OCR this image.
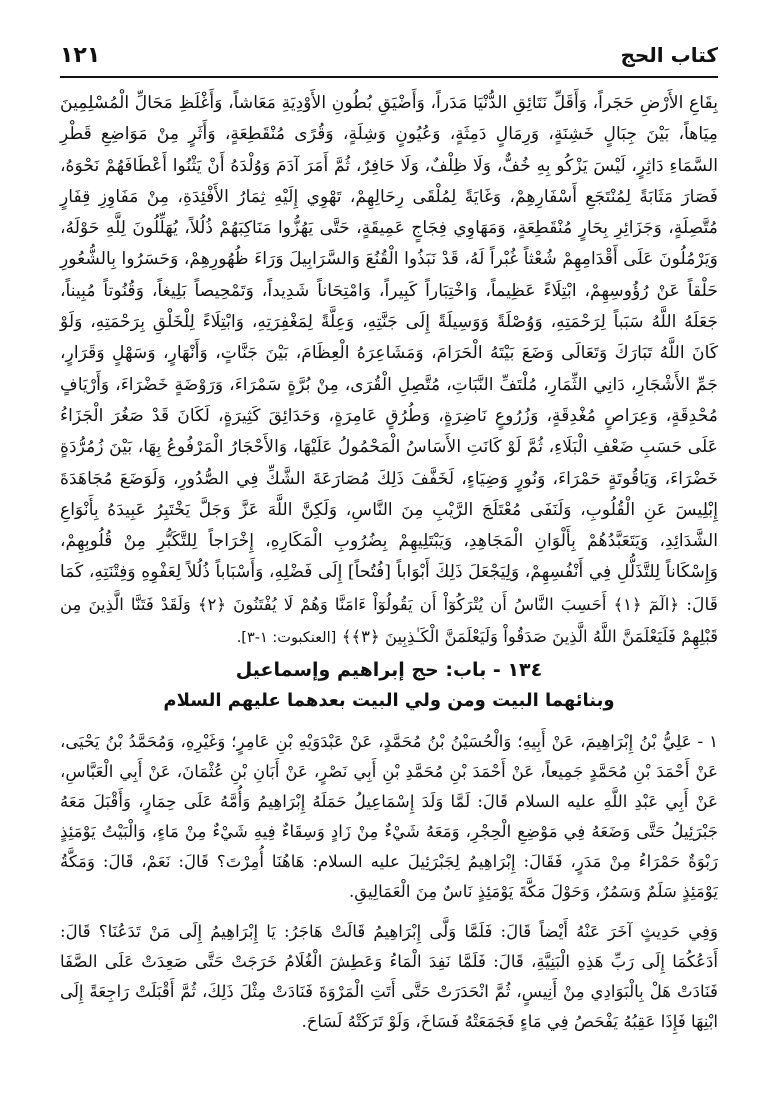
١٢١	كتاب الحج

بِقَاعِ الأَرْضِ حَجَراً، وَأَقَلِّ نَتَائِقِ الدُّنْيَا مَدَراً، وَأَضْيَقِ بُطُونِ الأَوْدِيَةِ مَعَاشاً، وَأَغْلَظِ مَحَالِّ الْمُسْلِمِينَ مِيَاهاً، بَيْنَ جِبَالٍ خَشِنَةٍ، وَرِمَالٍ دَمِثَةٍ، وَعُيُونٍ وَشِلَةٍ، وَقُرًى مُنْقَطِعَةٍ، وَأَثَرٍ مِنْ مَوَاضِعِ قَطْرِ السَّمَاءِ دَاثِرٍ، لَيْسَ يَزْكُو بِهِ خُفٌّ، وَلَا ظِلْفٌ، وَلَا حَافِرٌ، ثُمَّ أَمَرَ آدَمَ وَوُلْدَهُ أَنْ يَثْنُوا أَعْطَافَهُمْ نَحْوَهُ، فَصَارَ مَثَابَةً لِمُنْتَجَعِ أَسْفَارِهِمْ، وَغَايَةً لِمُلْقَى رِحَالِهِمْ، تَهْوِي إِلَيْهِ ثِمَارُ الأَفْئِدَةِ، مِنْ مَفَاوِزِ قِفَارٍ مُتَّصِلَةٍ، وَجَزَائِرِ بِحَارٍ مُنْقَطِعَةٍ، وَمَهَاوِي فِجَاجٍ عَمِيقَةٍ، حَتَّى يَهُزُّوا مَنَاكِبَهُمْ ذُلُلاً، يُهَلِّلُونَ لِلَّهِ حَوْلَهُ، وَيَرْمُلُونَ عَلَى أَقْدَامِهِمْ شُعْثاً غُبْراً لَهُ، قَدْ نَبَذُوا الْقُنُعَ وَالسَّرَابِيلَ وَرَاءَ ظُهُورِهِمْ، وَحَسَرُوا بِالشُّعُورِ حَلْقاً عَنْ رُؤُوسِهِمْ، ابْتِلَاءً عَظِيماً، وَاخْتِبَاراً كَبِيراً، وَامْتِحَاناً شَدِيداً، وَتَمْحِيصاً بَلِيغاً، وَقُنُوتاً مُبِيناً، جَعَلَهُ اللَّهُ سَبَباً لِرَحْمَتِهِ، وَوُصْلَةً وَوَسِيلَةً إِلَى جَنَّتِهِ، وَعِلَّةً لِمَغْفِرَتِهِ، وَابْتِلَاءً لِلْخَلْقِ بِرَحْمَتِهِ، وَلَوْ كَانَ اللَّهُ تَبَارَكَ وَتَعَالَى وَضَعَ بَيْتَهُ الْحَرَامَ، وَمَشَاعِرَهُ الْعِظَامَ، بَيْنَ جَنَّاتٍ، وَأَنْهَارٍ، وَسَهْلٍ وَقَرَارٍ، جَمِّ الأَشْجَارِ، دَانِي الثِّمَارِ، مُلْتَفِّ النَّبَاتِ، مُتَّصِلِ الْقُرَى، مِنْ بُرَّةٍ سَمْرَاءَ، وَرَوْضَةٍ خَضْرَاءَ، وَأَرْيَافٍ مُحْدِقَةٍ، وَعِرَاصٍ مُغْدِقَةٍ، وَزُرُوعٍ نَاضِرَةٍ، وَطُرُقٍ عَامِرَةٍ، وَحَدَائِقَ كَثِيرَةٍ، لَكَانَ قَدْ صَغُرَ الْجَزَاءُ عَلَى حَسَبِ ضَعْفِ الْبَلَاءِ، ثُمَّ لَوْ كَانَتِ الأَسَاسُ الْمَحْمُولُ عَلَيْهَا، وَالأَحْجَارُ الْمَرْفُوعُ بِهَا، بَيْنَ زُمُرُّدَةٍ خَضْرَاءَ، وَيَاقُوتَةٍ حَمْرَاءَ، وَنُورٍ وَضِيَاءٍ، لَخَفَّفَ ذَلِكَ مُصَارَعَةَ الشَّكِّ فِي الصُّدُورِ، وَلَوَضَعَ مُجَاهَدَةَ إِبْلِيسَ عَنِ الْقُلُوبِ، وَلَنَفَى مُعْتَلَجَ الرَّيْبِ مِنَ النَّاسِ، وَلَكِنَّ اللَّهَ عَزَّ وَجَلَّ يَخْتَبِرُ عَبِيدَهُ بِأَنْوَاعِ الشَّدَائِدِ، وَيَتَعَبَّدُهُمْ بِأَلْوَانِ الْمَجَاهِدِ، وَيَبْتَلِيهِمْ بِضُرُوبِ الْمَكَارِهِ، إِخْرَاجاً لِلتَّكَبُّرِ مِنْ قُلُوبِهِمْ، وَإِسْكَاناً لِلتَّذَلُّلِ فِي أَنْفُسِهِمْ، وَلِيَجْعَلَ ذَلِكَ أَبْوَاباً [فُتُحاً] إِلَى فَضْلِهِ، وَأَسْبَاباً ذُلُلاً لِعَفْوِهِ وَفِتْنَتِهِ، كَمَا قَالَ: ﴿الٓمٓ ﴿١﴾ أَحَسِبَ النَّاسُ أَن يُتْرَكُوٓاْ أَن يَقُولُوٓاْ ءَامَنَّا وَهُمْ لَا يُفْتَنُونَ ﴿٢﴾ وَلَقَدْ فَتَنَّا الَّذِينَ مِن قَبْلِهِمْ فَلَيَعْلَمَنَّ اللَّهُ الَّذِينَ صَدَقُواْ وَلَيَعْلَمَنَّ الْكَـٰذِبِينَ ﴿٣﴾﴾ [العنكبوت: ١-٣].

١٣٤ - باب: حج إبراهيم وإسماعيل
وبنائهما البيت ومن ولي البيت بعدهما عليهم السلام

١ - عَلِيُّ بْنُ إِبْرَاهِيمَ، عَنْ أَبِيهِ؛ وَالْحُسَيْنُ بْنُ مُحَمَّدٍ، عَنْ عَبْدَوَيْهِ بْنِ عَامِرٍ؛ وَغَيْرِهِ، وَمُحَمَّدُ بْنُ يَحْيَى، عَنْ أَحْمَدَ بْنِ مُحَمَّدٍ جَمِيعاً، عَنْ أَحْمَدَ بْنِ مُحَمَّدِ بْنِ أَبِي نَصْرٍ، عَنْ أَبَانِ بْنِ عُثْمَانَ، عَنْ أَبِي الْعَبَّاسِ، عَنْ أَبِي عَبْدِ اللَّهِ عليه السلام قَالَ: لَمَّا وَلَدَ إِسْمَاعِيلُ حَمَلَهُ إِبْرَاهِيمُ وَأُمَّهُ عَلَى حِمَارٍ، وَأَقْبَلَ مَعَهُ جَبْرَئِيلُ حَتَّى وَضَعَهُ فِي مَوْضِعِ الْحِجْرِ، وَمَعَهُ شَيْءٌ مِنْ زَادٍ وَسِقَاءٌ فِيهِ شَيْءٌ مِنْ مَاءٍ، وَالْبَيْتُ يَوْمَئِذٍ رَبْوَةٌ حَمْرَاءُ مِنْ مَدَرٍ، فَقَالَ: إِبْرَاهِيمُ لِجَبْرَئِيلَ عليه السلام: هَاهُنَا أُمِرْتَ؟ قَالَ: نَعَمْ، قَالَ: وَمَكَّةُ يَوْمَئِذٍ سَلَمٌ وَسَمُرٌ، وَحَوْلَ مَكَّةَ يَوْمَئِذٍ نَاسٌ مِنَ الْعَمَالِيقِ.

وَفِي حَدِيثٍ آخَرَ عَنْهُ أَيْضاً قَالَ: فَلَمَّا وَلَّى إِبْرَاهِيمُ قَالَتْ هَاجَرُ: يَا إِبْرَاهِيمُ إِلَى مَنْ تَدَعُنَا؟ قَالَ: أَدَعُكُمَا إِلَى رَبِّ هَذِهِ الْبَنِيَّةِ، قَالَ: فَلَمَّا نَفِدَ الْمَاءُ وَعَطِشَ الْغُلَامُ خَرَجَتْ حَتَّى صَعِدَتْ عَلَى الصَّفَا فَنَادَتْ هَلْ بِالْبَوَادِي مِنْ أَنِيسٍ، ثُمَّ انْحَدَرَتْ حَتَّى أَتَتِ الْمَرْوَةَ فَنَادَتْ مِثْلَ ذَلِكَ، ثُمَّ أَقْبَلَتْ رَاجِعَةً إِلَى ابْنِهَا فَإِذَا عَقِبُهُ يَفْحَصُ فِي مَاءٍ فَجَمَعَتْهُ فَسَاخَ، وَلَوْ تَرَكَتْهُ لَسَاحَ.
